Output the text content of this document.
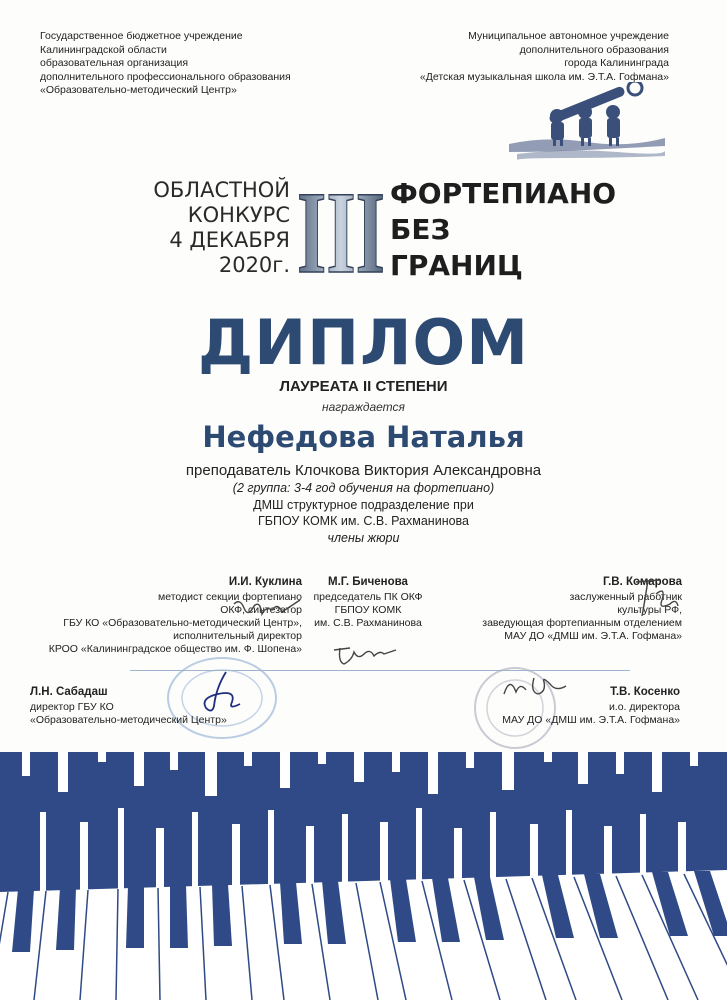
Государственное бюджетное учреждение
Калининградской области
образовательная организация
дополнительного профессионального образования
«Образовательно-методический Центр»
Муниципальное автономное учреждение
дополнительного образования
города Калининграда
«Детская музыкальная школа им. Э.Т.А. Гофмана»
ОБЛАСТНОЙ
КОНКУРС
4 ДЕКАБРЯ
2020г. III ФОРТЕПИАНО
БЕЗ
ГРАНИЦ
ДИПЛОМ
ЛАУРЕАТА II СТЕПЕНИ
награждается
Нефедова Наталья
преподаватель Клочкова Виктория Александровна
(2 группа: 3-4 год обучения на фортепиано)
ДМШ структурное подразделение при
ГБПОУ КОМК им. С.В. Рахманинова
члены жюри
И.И. Куклина
методист секции фортепиано
ОКФ, синтезатор
ГБУ КО «Образовательно-методический Центр»,
исполнительный директор
КРОО «Калининградское общество им. Ф. Шопена»
М.Г. Биченова
председатель ПК ОКФ
ГБПОУ КОМК
им. С.В. Рахманинова
Г.В. Комарова
заслуженный работник
культуры РФ,
заведующая фортепианным отделением
МАУ ДО «ДМШ им. Э.Т.А. Гофмана»
Л.Н. Сабадаш
директор ГБУ КО
«Образовательно-методический Центр»
Т.В. Косенко
и.о. директора
МАУ ДО «ДМШ им. Э.Т.А. Гофмана»
